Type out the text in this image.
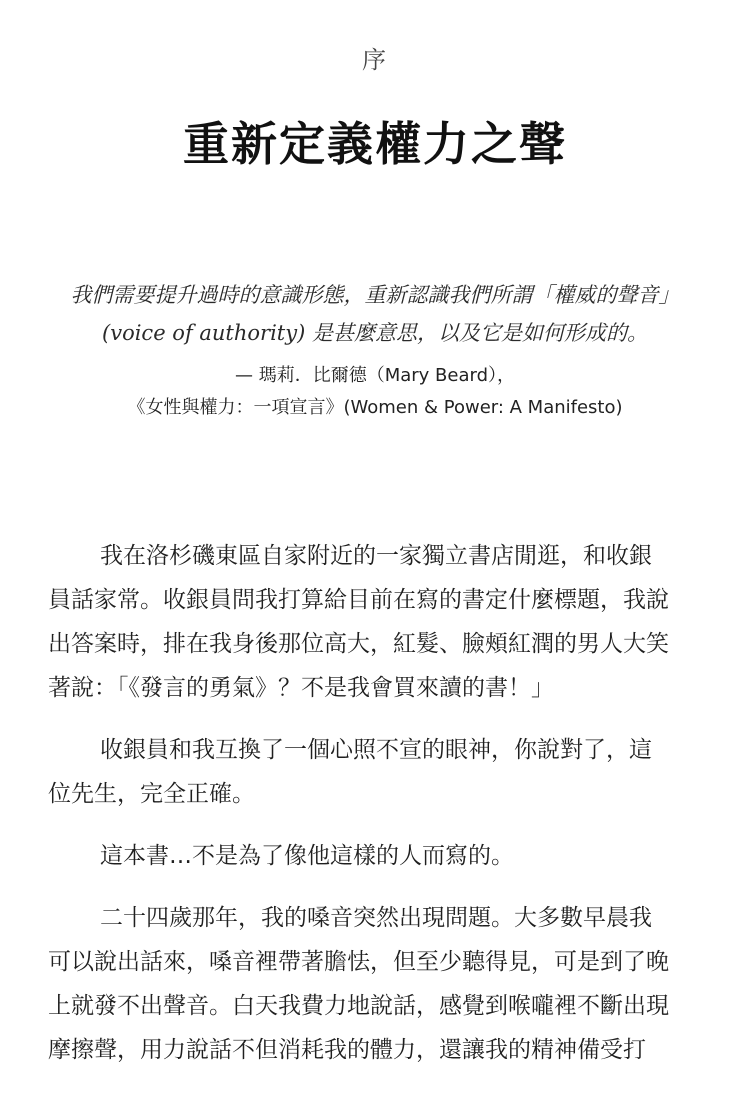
序
重新定義權力之聲
我們需要提升過時的意識形態，重新認識我們所謂「權威的聲音」
(voice of authority) 是甚麼意思，以及它是如何形成的。
— 瑪莉．比爾德（Mary Beard），
《女性與權力：一項宣言》(Women & Power: A Manifesto)
我在洛杉磯東區自家附近的一家獨立書店閒逛，和收銀
員話家常。收銀員問我打算給目前在寫的書定什麼標題，我說
出答案時，排在我身後那位高大，紅髮、臉頰紅潤的男人大笑
著說：「《發言的勇氣》？不是我會買來讀的書！」
收銀員和我互換了一個心照不宣的眼神，你說對了，這
位先生，完全正確。
這本書…不是為了像他這樣的人而寫的。
二十四歲那年，我的嗓音突然出現問題。大多數早晨我
可以說出話來，嗓音裡帶著膽怯，但至少聽得見，可是到了晚
上就發不出聲音。白天我費力地說話，感覺到喉嚨裡不斷出現
摩擦聲，用力說話不但消耗我的體力，還讓我的精神備受打
